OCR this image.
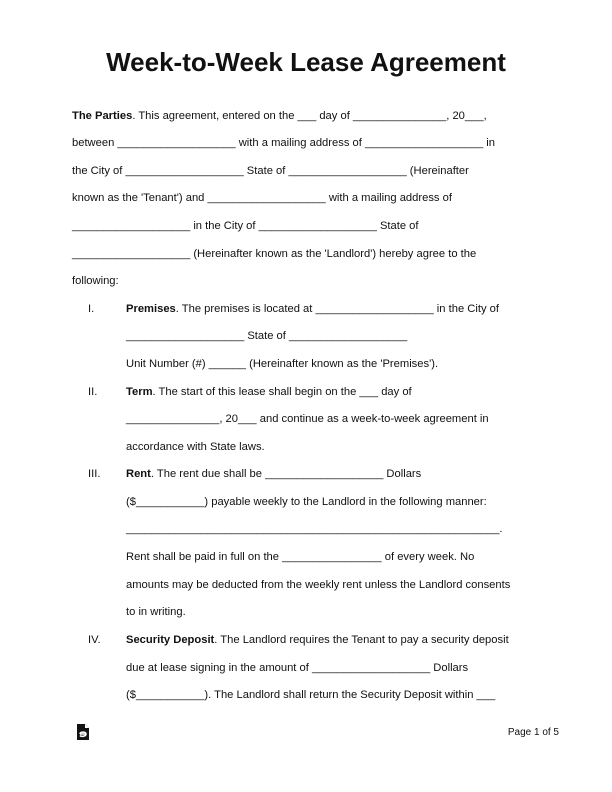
Week-to-Week Lease Agreement
The Parties. This agreement, entered on the ___ day of _______________, 20___,
between ___________________ with a mailing address of ___________________ in
the City of ___________________ State of ___________________ (Hereinafter
known as the 'Tenant') and ___________________ with a mailing address of
___________________ in the City of ___________________ State of
___________________ (Hereinafter known as the 'Landlord') hereby agree to the
following:
I.	Premises. The premises is located at ___________________ in the City of
___________________ State of ___________________
Unit Number (#) ______ (Hereinafter known as the 'Premises').
II.	Term. The start of this lease shall begin on the ___ day of
_______________, 20___ and continue as a week-to-week agreement in
accordance with State laws.
III. Rent. The rent due shall be ___________________ Dollars
($___________) payable weekly to the Landlord in the following manner:
____________________________________________________________.
Rent shall be paid in full on the ________________ of every week. No
amounts may be deducted from the weekly rent unless the Landlord consents
to in writing.
IV. Security Deposit. The Landlord requires the Tenant to pay a security deposit
due at lease signing in the amount of ___________________ Dollars
($___________). The Landlord shall return the Security Deposit within ___
Page 1 of 5
